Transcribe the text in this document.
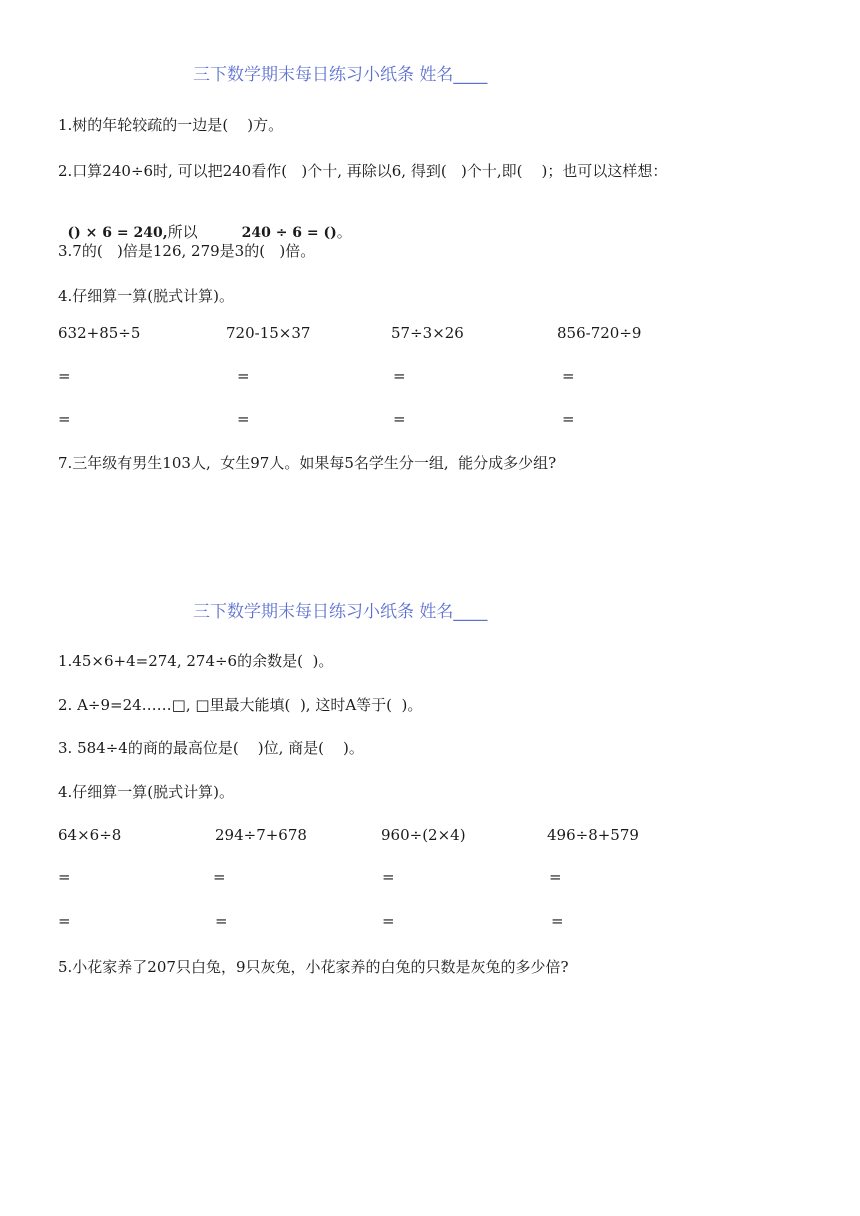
三下数学期末每日练习小纸条 姓名____
1.树的年轮较疏的一边是(    )方。
2.口算240÷6时, 可以把240看作(   )个十, 再除以6, 得到(   )个十,即(    )；也可以这样想：

() × 6 = 240,所以	240 ÷ 6 = ()。

3.7的(   )倍是126, 279是3的(   )倍。
4.仔细算一算(脱式计算)。
632+85÷5	720-15×37	57÷3×26	856-720÷9
=	=	=	=
=	=	=	=
7.三年级有男生103人,  女生97人。如果每5名学生分一组,  能分成多少组?
三下数学期末每日练习小纸条 姓名____
1.45×6+4=274, 274÷6的余数是(  )。
2. A÷9=24……□, □里最大能填(  ), 这时A等于(  )。
3. 584÷4的商的最高位是(    )位, 商是(    )。
4.仔细算一算(脱式计算)。
64×6÷8	294÷7+678	960÷(2×4)	496÷8+579
=	=	=	=
=	=	=	=
5.小花家养了207只白兔，9只灰兔，小花家养的白兔的只数是灰兔的多少倍?
